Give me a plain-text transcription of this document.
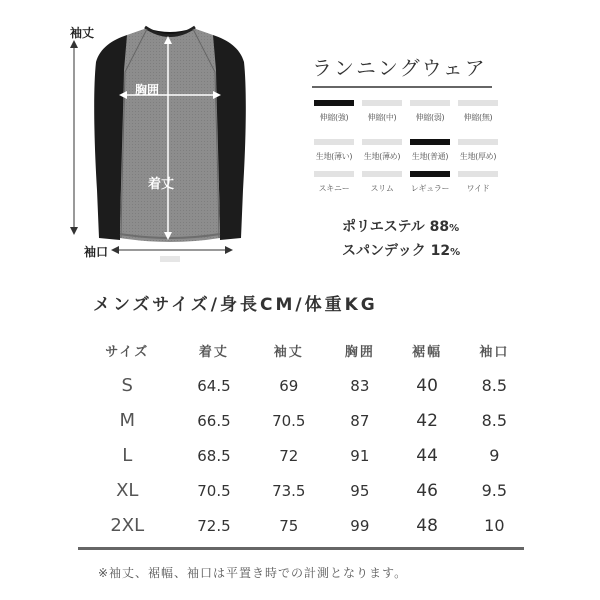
袖丈
胸囲
着丈
袖口
ランニングウェア
伸縮(強)	伸縮(中)	伸縮(弱)	伸縮(無)
生地(薄い)	生地(薄め)	生地(普通)	生地(厚め)
スキニー	スリム	レギュラー	ワイド
ポリエステル 88%
スパンデック 12%
メンズサイズ/身長CM/体重KG
サイズ	着丈	袖丈	胸囲	裾幅	袖口
S	64.5	69	83	40	8.5
M	66.5	70.5	87	42	8.5
L	68.5	72	91	44	9
XL	70.5	73.5	95	46	9.5
2XL	72.5	75	99	48	10
※袖丈、裾幅、袖口は平置き時での計測となります。
